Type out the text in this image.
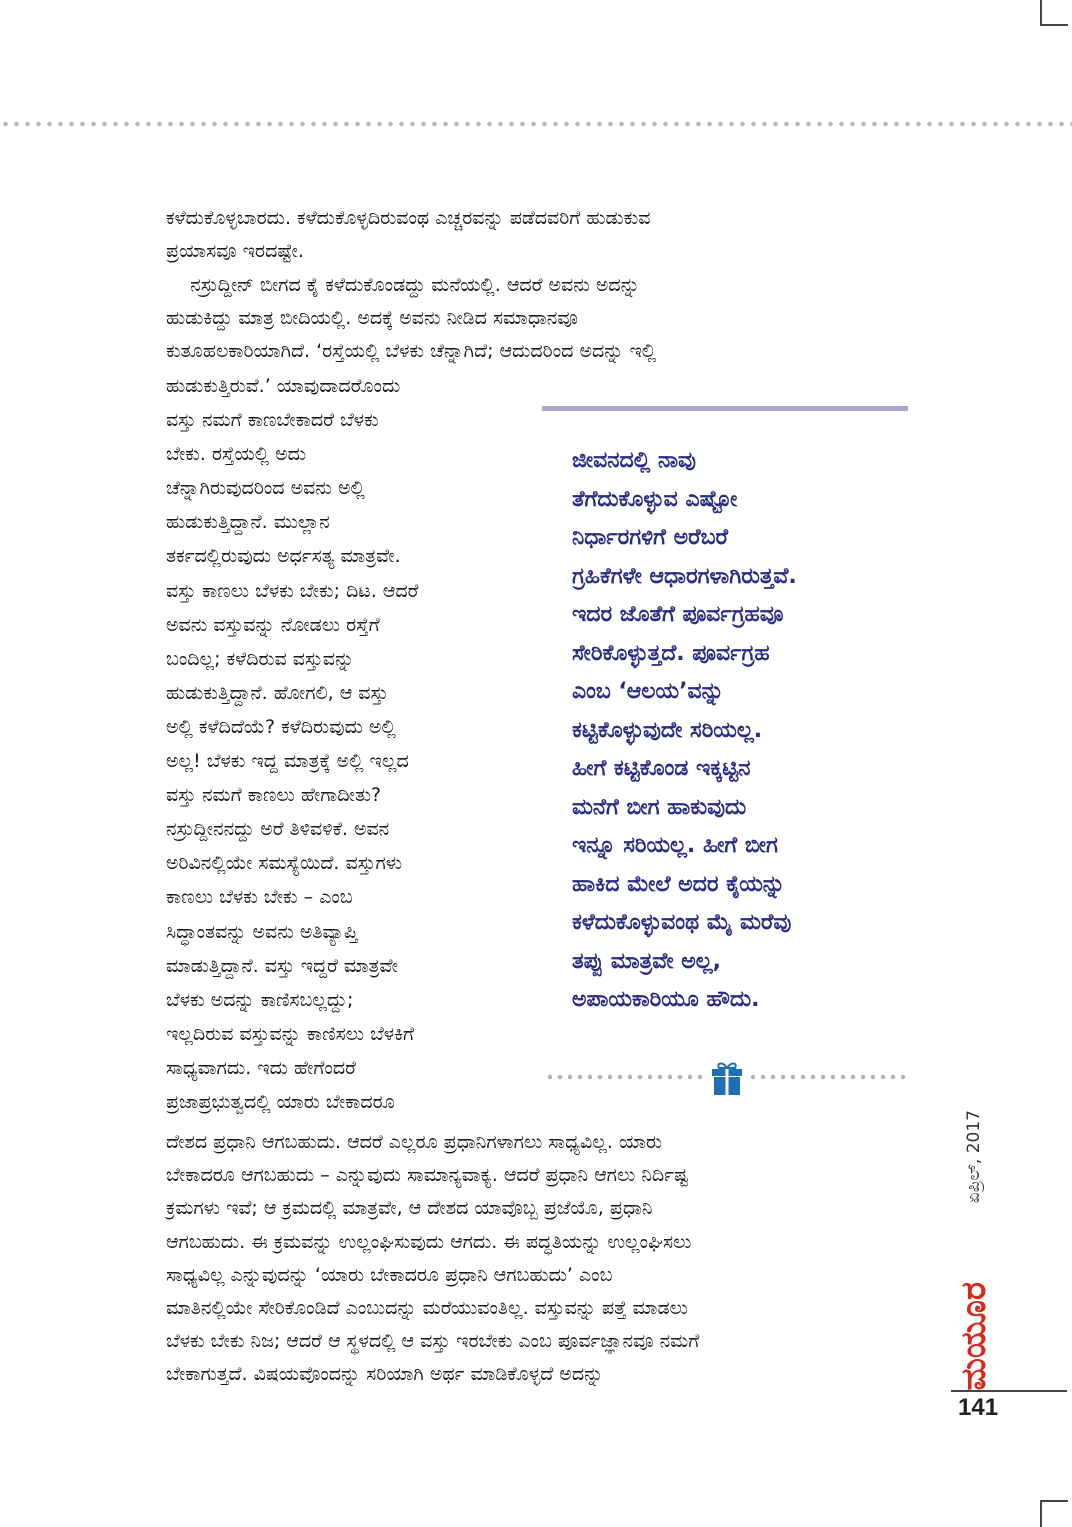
ಕಳೆದುಕೊಳ್ಳಬಾರದು. ಕಳೆದುಕೊಳ್ಳದಿರುವಂಥ ಎಚ್ಚರವನ್ನು ಪಡೆದವರಿಗೆ ಹುಡುಕುವ
ಪ್ರಯಾಸವೂ ಇರದಷ್ಟೇ.
ನಸ್ರುದ್ದೀನ್ ಬೀಗದ ಕೈ ಕಳೆದುಕೊಂಡದ್ದು ಮನೆಯಲ್ಲಿ. ಆದರೆ ಅವನು ಅದನ್ನು
ಹುಡುಕಿದ್ದು ಮಾತ್ರ ಬೀದಿಯಲ್ಲಿ. ಅದಕ್ಕೆ ಅವನು ನೀಡಿದ ಸಮಾಧಾನವೂ
ಕುತೂಹಲಕಾರಿಯಾಗಿದೆ. ‘ರಸ್ತೆಯಲ್ಲಿ ಬೆಳಕು ಚೆನ್ನಾಗಿದೆ; ಆದುದರಿಂದ ಅದನ್ನು ಇಲ್ಲಿ
ಹುಡುಕುತ್ತಿರುವೆ.’ ಯಾವುದಾದರೊಂದು
ವಸ್ತು ನಮಗೆ ಕಾಣಬೇಕಾದರೆ ಬೆಳಕು
ಬೇಕು. ರಸ್ತೆಯಲ್ಲಿ ಅದು
ಚೆನ್ನಾಗಿರುವುದರಿಂದ ಅವನು ಅಲ್ಲಿ
ಹುಡುಕುತ್ತಿದ್ದಾನೆ. ಮುಲ್ಲಾನ
ತರ್ಕದಲ್ಲಿರುವುದು ಅರ್ಧಸತ್ಯ ಮಾತ್ರವೇ.
ವಸ್ತು ಕಾಣಲು ಬೆಳಕು ಬೇಕು; ದಿಟ. ಆದರೆ
ಅವನು ವಸ್ತುವನ್ನು ನೋಡಲು ರಸ್ತೆಗೆ
ಬಂದಿಲ್ಲ; ಕಳೆದಿರುವ ವಸ್ತುವನ್ನು
ಹುಡುಕುತ್ತಿದ್ದಾನೆ. ಹೋಗಲಿ, ಆ ವಸ್ತು
ಅಲ್ಲಿ ಕಳೆದಿದೆಯೆ? ಕಳೆದಿರುವುದು ಅಲ್ಲಿ
ಅಲ್ಲ! ಬೆಳಕು ಇದ್ದ ಮಾತ್ರಕ್ಕೆ ಅಲ್ಲಿ ಇಲ್ಲದ
ವಸ್ತು ನಮಗೆ ಕಾಣಲು ಹೇಗಾದೀತು?
ನಸ್ರುದ್ದೀನನದ್ದು ಅರೆ ತಿಳಿವಳಿಕೆ. ಅವನ
ಅರಿವಿನಲ್ಲಿಯೇ ಸಮಸ್ಯೆಯಿದೆ. ವಸ್ತುಗಳು
ಕಾಣಲು ಬೆಳಕು ಬೇಕು – ಎಂಬ
ಸಿದ್ಧಾಂತವನ್ನು ಅವನು ಅತಿವ್ಯಾಪ್ತಿ
ಮಾಡುತ್ತಿದ್ದಾನೆ. ವಸ್ತು ಇದ್ದರೆ ಮಾತ್ರವೇ
ಬೆಳಕು ಅದನ್ನು ಕಾಣಿಸಬಲ್ಲದ್ದು;
ಇಲ್ಲದಿರುವ ವಸ್ತುವನ್ನು ಕಾಣಿಸಲು ಬೆಳಕಿಗೆ
ಸಾಧ್ಯವಾಗದು. ಇದು ಹೇಗೆಂದರೆ
ಪ್ರಜಾಪ್ರಭುತ್ವದಲ್ಲಿ ಯಾರು ಬೇಕಾದರೂ
ಜೀವನದಲ್ಲಿ ನಾವು
ತೆಗೆದುಕೊಳ್ಳುವ ಎಷ್ಟೋ
ನಿರ್ಧಾರಗಳಿಗೆ ಅರೆಬರೆ
ಗ್ರಹಿಕೆಗಳೇ ಆಧಾರಗಳಾಗಿರುತ್ತವೆ.
ಇದರ ಜೊತೆಗೆ ಪೂರ್ವಗ್ರಹವೂ
ಸೇರಿಕೊಳ್ಳುತ್ತದೆ. ಪೂರ್ವಗ್ರಹ
ಎಂಬ ‘ಆಲಯ’ವನ್ನು
ಕಟ್ಟಿಕೊಳ್ಳುವುದೇ ಸರಿಯಲ್ಲ.
ಹೀಗೆ ಕಟ್ಟಿಕೊಂಡ ಇಕ್ಕಟ್ಟಿನ
ಮನೆಗೆ ಬೀಗ ಹಾಕುವುದು
ಇನ್ನೂ ಸರಿಯಲ್ಲ. ಹೀಗೆ ಬೀಗ
ಹಾಕಿದ ಮೇಲೆ ಅದರ ಕೈಯನ್ನು
ಕಳೆದುಕೊಳ್ಳುವಂಥ ಮೈ ಮರೆವು
ತಪ್ಪು ಮಾತ್ರವೇ ಅಲ್ಲ,
ಅಪಾಯಕಾರಿಯೂ ಹೌದು.
ದೇಶದ ಪ್ರಧಾನಿ ಆಗಬಹುದು. ಆದರೆ ಎಲ್ಲರೂ ಪ್ರಧಾನಿಗಳಾಗಲು ಸಾಧ್ಯವಿಲ್ಲ. ಯಾರು
ಬೇಕಾದರೂ ಆಗಬಹುದು – ಎನ್ನುವುದು ಸಾಮಾನ್ಯವಾಕ್ಯ. ಆದರೆ ಪ್ರಧಾನಿ ಆಗಲು ನಿರ್ದಿಷ್ಟ
ಕ್ರಮಗಳು ಇವೆ; ಆ ಕ್ರಮದಲ್ಲಿ ಮಾತ್ರವೇ, ಆ ದೇಶದ ಯಾವೊಬ್ಬ ಪ್ರಜೆಯೊ, ಪ್ರಧಾನಿ
ಆಗಬಹುದು. ಈ ಕ್ರಮವನ್ನು ಉಲ್ಲಂಘಿಸುವುದು ಆಗದು. ಈ ಪದ್ಧತಿಯನ್ನು ಉಲ್ಲಂಘಿಸಲು
ಸಾಧ್ಯವಿಲ್ಲ ಎನ್ನುವುದನ್ನು ‘ಯಾರು ಬೇಕಾದರೂ ಪ್ರಧಾನಿ ಆಗಬಹುದು’ ಎಂಬ
ಮಾತಿನಲ್ಲಿಯೇ ಸೇರಿಕೊಂಡಿದೆ ಎಂಬುದನ್ನು ಮರೆಯುವಂತಿಲ್ಲ. ವಸ್ತುವನ್ನು ಪತ್ತೆ ಮಾಡಲು
ಬೆಳಕು ಬೇಕು ನಿಜ; ಆದರೆ ಆ ಸ್ಥಳದಲ್ಲಿ ಆ ವಸ್ತು ಇರಬೇಕು ಎಂಬ ಪೂರ್ವಜ್ಞಾನವೂ ನಮಗೆ
ಬೇಕಾಗುತ್ತದೆ. ವಿಷಯವೊಂದನ್ನು ಸರಿಯಾಗಿ ಅರ್ಥ ಮಾಡಿಕೊಳ್ಳದೆ ಅದನ್ನು
ಏಪ್ರಿಲ್, 2017
ಮಯೂರ
141
